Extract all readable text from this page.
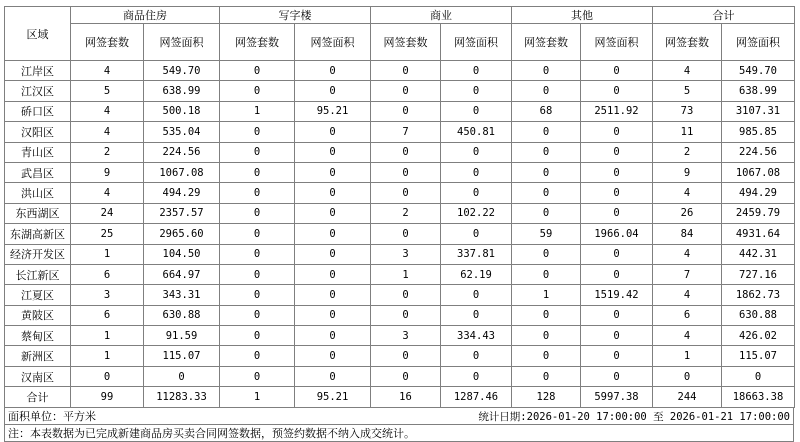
区域	商品住房		写字楼		商业		其他		合计	
	网签套数	网签面积	网签套数	网签面积	网签套数	网签面积	网签套数	网签面积	网签套数	网签面积
江岸区	4	549.70	0	0	0	0	0	0	4	549.70
江汉区	5	638.99	0	0	0	0	0	0	5	638.99
硚口区	4	500.18	1	95.21	0	0	68	2511.92	73	3107.31
汉阳区	4	535.04	0	0	7	450.81	0	0	11	985.85
青山区	2	224.56	0	0	0	0	0	0	2	224.56
武昌区	9	1067.08	0	0	0	0	0	0	9	1067.08
洪山区	4	494.29	0	0	0	0	0	0	4	494.29
东西湖区	24	2357.57	0	0	2	102.22	0	0	26	2459.79
东湖高新区	25	2965.60	0	0	0	0	59	1966.04	84	4931.64
经济开发区	1	104.50	0	0	3	337.81	0	0	4	442.31
长江新区	6	664.97	0	0	1	62.19	0	0	7	727.16
江夏区	3	343.31	0	0	0	0	1	1519.42	4	1862.73
黄陂区	6	630.88	0	0	0	0	0	0	6	630.88
蔡甸区	1	91.59	0	0	3	334.43	0	0	4	426.02
新洲区	1	115.07	0	0	0	0	0	0	1	115.07
汉南区	0	0	0	0	0	0	0	0	0	0
合计	99	11283.33	1	95.21	16	1287.46	128	5997.38	244	18663.38
面积单位：平方米	统计日期:2026-01-20 17:00:00 至 2026-01-21 17:00:00
注：本表数据为已完成新建商品房买卖合同网签数据，预签约数据不纳入成交统计。
